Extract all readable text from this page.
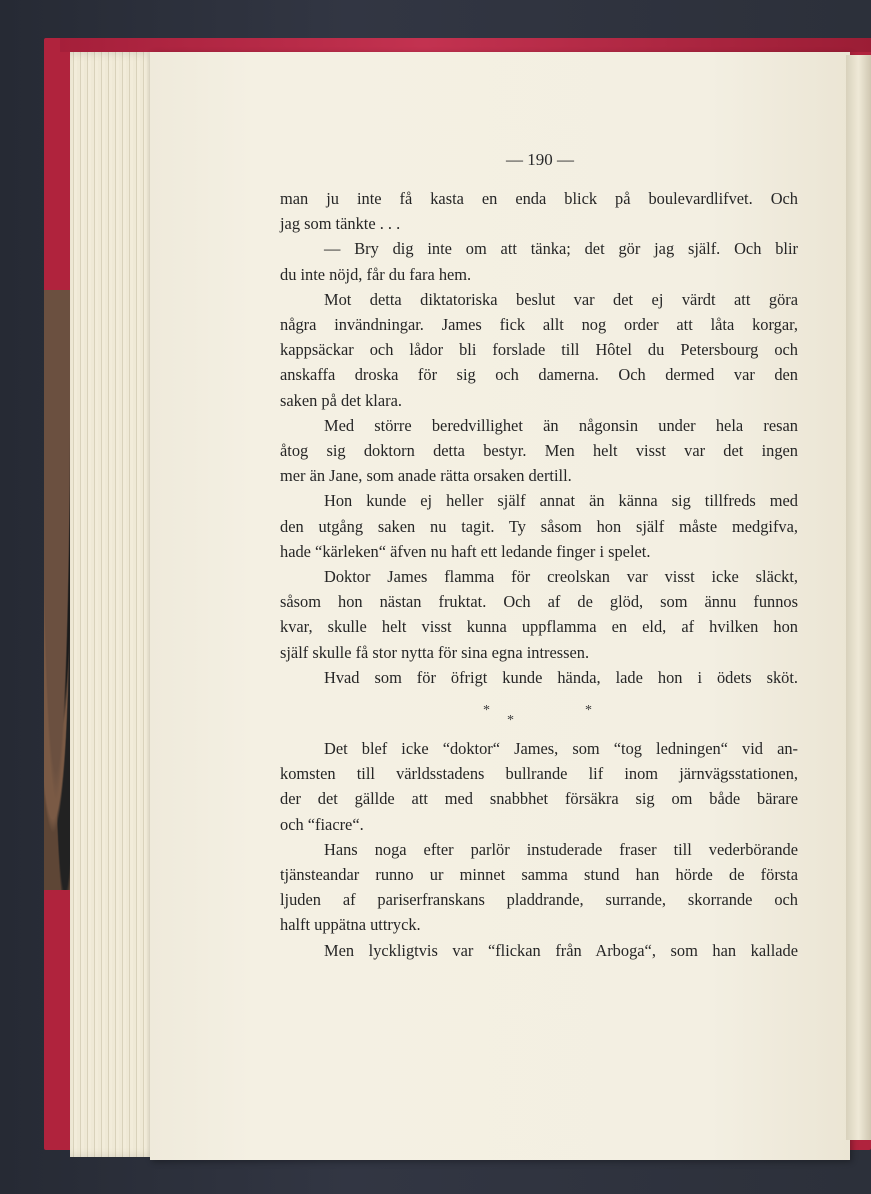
— 190 —
man ju inte få kasta en enda blick på boulevardlifvet. Och
jag som tänkte . . .
— Bry dig inte om att tänka; det gör jag själf. Och blir
du inte nöjd, får du fara hem.
Mot detta diktatoriska beslut var det ej värdt att göra
några invändningar. James fick allt nog order att låta korgar,
kappsäckar och lådor bli forslade till Hôtel du Petersbourg och
anskaffa droska för sig och damerna. Och dermed var den
saken på det klara.
Med större beredvillighet än någonsin under hela resan
åtog sig doktorn detta bestyr. Men helt visst var det ingen
mer än Jane, som anade rätta orsaken dertill.
Hon kunde ej heller själf annat än känna sig tillfreds med
den utgång saken nu tagit. Ty såsom hon själf måste medgifva,
hade “kärleken“ äfven nu haft ett ledande finger i spelet.
Doktor James flamma för creolskan var visst icke släckt,
såsom hon nästan fruktat. Och af de glöd, som ännu funnos
kvar, skulle helt visst kunna uppflamma en eld, af hvilken hon
själf skulle få stor nytta för sina egna intressen.
Hvad som för öfrigt kunde hända, lade hon i ödets sköt.
*
*
*
Det blef icke “doktor“ James, som “tog ledningen“ vid an-
komsten till världsstadens bullrande lif inom järnvägsstationen,
der det gällde att med snabbhet försäkra sig om både bärare
och “fiacre“.
Hans noga efter parlör instuderade fraser till vederbörande
tjänsteandar runno ur minnet samma stund han hörde de första
ljuden af pariserfranskans pladdrande, surrande, skorrande och
halft uppätna uttryck.
Men lyckligtvis var “flickan från Arboga“, som han kallade
